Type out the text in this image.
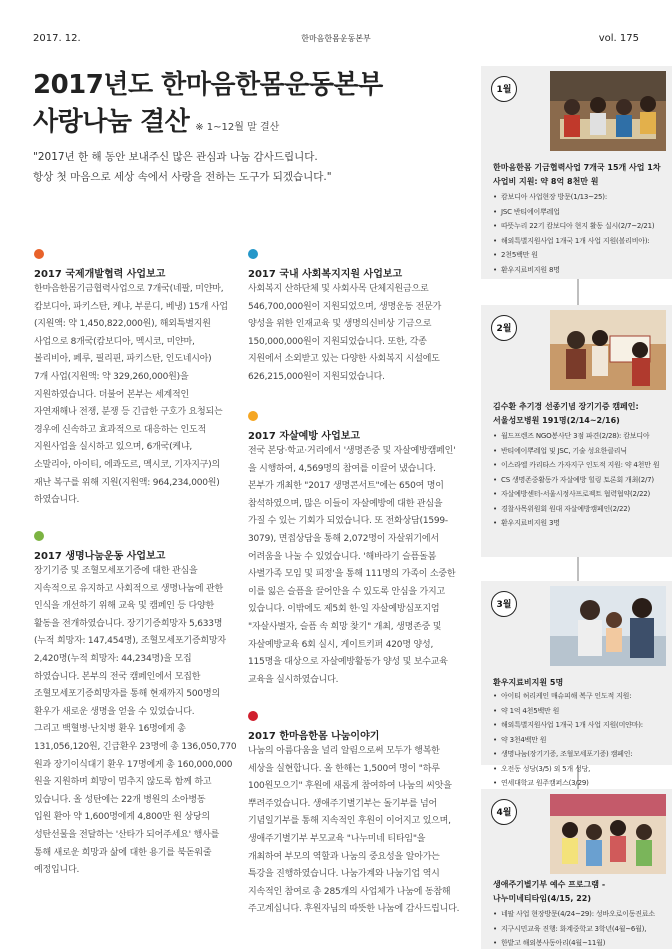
2017. 12.	한마음한몸운동본부	vol. 175
2017년도 한마음한몸운동본부
사랑나눔 결산 ※ 1~12월 말 결산
"2017년 한 해 동안 보내주신 많은 관심과 나눔 감사드립니다.
항상 첫 마음으로 세상 속에서 사랑을 전하는 도구가 되겠습니다."
2017 국제개발협력 사업보고

한마음한몸기금협력사업으로 7개국(네팔, 미얀마,
캄보디아, 파키스탄, 케냐, 부룬디, 베냉) 15개 사업
(지원액: 약 1,450,822,000원), 해외특별지원
사업으로 8개국(캄보디아, 멕시코, 미얀마,
볼리비아, 페루, 필리핀, 파키스탄, 인도네시아)
7개 사업(지원액: 약 329,260,000원)을
지원하였습니다. 더불어 본부는 세계적인
자연재해나 전쟁, 분쟁 등 긴급한 구호가 요청되는
경우에 신속하고 효과적으로 대응하는 인도적
지원사업을 실시하고 있으며, 6개국(케냐,
소말리아, 아이티, 에콰도르, 멕시코, 기자지구)의
재난 복구를 위해 지원(지원액: 964,234,000원)
하였습니다.

2017 생명나눔운동 사업보고

장기기증 및 조혈모세포기증에 대한 관심을
지속적으로 유지하고 사회적으로 생명나눔에 관한
인식을 개선하기 위해 교육 및 캠페인 등 다양한
활동을 전개하였습니다. 장기기증희망자 5,633명
(누적 희망자: 147,454명), 조혈모세포기증희망자
2,420명(누적 희망자: 44,234명)을 모집
하였습니다. 본부의 전국 캠페인에서 모집한
조혈모세포기증희망자를 통해 현재까지 500명의
환우가 새로운 생명을 얻을 수 있었습니다.
그리고 백혈병·난치병 환우 16명에게 총
131,056,120원, 긴급환우 23명에 총 136,050,770
원과 장기이식대기 환우 17명에게 총 160,000,000
원을 지원하며 희망이 멈추지 않도록 함께 하고
있습니다. 올 성탄에는 22개 병원의 소아병동
입원 환아 약 1,600명에게 4,800만 원 상당의
성탄선물을 전달하는 '산타가 되어주세요' 행사를
통해 새로운 희망과 삶에 대한 용기를 북돋워줄
예정입니다.

2017 국내 사회복지지원 사업보고

사회복지 산하단체 및 사회사목 단체지원금으로
546,700,000원이 지원되었으며, 생명운동 전문가
양성을 위한 인재교육 및 생명의신비상 기금으로
150,000,000원이 지원되었습니다. 또한, 각종
지원에서 소외받고 있는 다양한 사회복지 시설에도
626,215,000원이 지원되었습니다.

2017 자살예방 사업보고

전국 본당·학교·거리에서 '생명존중 및 자살예방캠페인'
을 시행하여, 4,569명의 참여를 이끌어 냈습니다.
본부가 개최한 "2017 생명콘서트"에는 650여 명이
참석하였으며, 많은 이들이 자살예방에 대한 관심을
가질 수 있는 기회가 되었습니다. 또 전화상담(1599-
3079), 면접상담을 통해 2,072명이 자살위기에서
어려움을 나눌 수 있었습니다. '해바라기 슬픔돌봄
사별가족 모임 및 피정'을 통해 111명의 가족이 소중한
이를 잃은 슬픔을 끌어안을 수 있도록 안심을 가지고
있습니다. 이밖에도 제5회 한·일 자살예방심포지엄
"자살사별자, 슬픔 속 희망 찾기" 개최, 생명존중 및
자살예방교육 6회 실시, 게이트키퍼 420명 양성,
115명을 대상으로 자살예방활동가 양성 및 보수교육
교육을 실시하였습니다.

2017 한마음한몸 나눔이야기

나눔의 아름다움을 널리 알림으로써 모두가 행복한
세상을 실현합니다. 올 한해는 1,500여 명이 "하루
100원모으기" 후원에 새롭게 참여하여 나눔의 씨앗을
뿌려주었습니다. 생애주기별기부는 돌기부를 넘어
기념일기부를 통해 지속적인 후원이 이어지고 있으며,
생애주기별기부 부모교육 "나누미네 티타임"을
개최하여 부모의 역할과 나눔의 중요성을 알아가는
특강을 진행하였습니다. 나눔가계와 나눔기업 역시
지속적인 참여로 총 285개의 사업체가 나눔에 동참해
주고계십니다. 후원자님의 따뜻한 나눔에 감사드립니다.

1월
한마음한몸 기금협력사업 7개국 15개 사업 1차
사업비 지원: 약 8억 8천만 원
• 캄보디아 사업현장 방문(1/13~25):
• JSC 반티에이뿌레업
• 따뜻누리 22기 캄보디아 현지 활동 실시(2/7~2/21)
• 해외특별지원사업 1개국 1개 사업 지원(볼리비아):
• 2천5백만 원
• 환우지료비지원 8명
2월
김수환 추기경 선종기념 장기기증 캠페인:
서울성모병원 191명(2/14~2/16)
• 월드프렌즈 NGO봉사단 3점 파견(2/28): 캄보디아
• 반티에이뿌레업 및 JSC, 기술 성요한클리닉
• 이스라엘 카리타스 가자지구 인도적 지원: 약 4천만 원
• CS 생명존중활동가 자살예방 힐링 토론회 개최(2/7)
• 자살예방센터-서울시정사프로젝트 협력협약(2/22)
• 경찰사목위원회 원대 자살예방캠페인(2/22)
• 환우지료비지원 3명
3월
환우지료비지원 5명
• 아이티 허리케인 매슈피해 복구 인도적 지원:
• 약 1억 4천5백만 원
• 해외특별지원사업 1개국 1개 사업 지원(미얀마):
• 약 3천4백만 원
• 생명나눔(장기기증, 조혈모세포기증) 캠페인:
• 오전동 성당(3/5) 외 5개 성당,
• 연세대학교 원주캠퍼스(3/29)
4월
생애주기별기부 예수 프로그램 -
나누미네티타임(4/15, 22)
• 네팔 사업 현장방문(4/24~29): 성바오로이동진료소
• 지구시민교육 진행: 화계중학교 3학년(4월~6월),
• 한밭고 해외봉사동아리(4월~11월)
